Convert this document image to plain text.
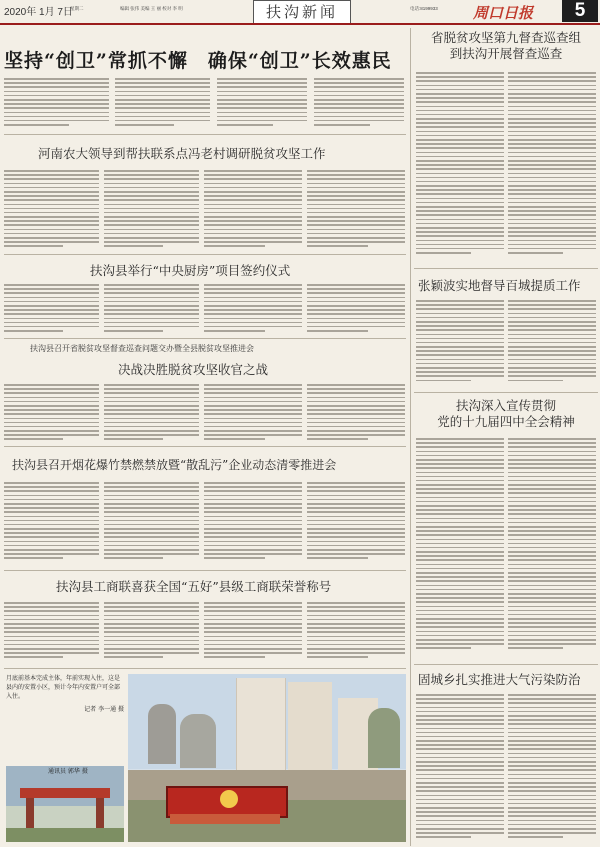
2020年 1月 7日
星期二	编辑 张伟 美编 王 丽 校对 李 明	扶沟新闻	电话:8199933 周口日报	5
坚持“创卫”常抓不懈　确保“创卫”长效惠民
省脱贫攻坚第九督查巡查组
到扶沟开展督查巡查
河南农大领导到帮扶联系点冯老村调研脱贫攻坚工作
扶沟县举行“中央厨房”项目签约仪式
张颖波实地督导百城提质工作
扶沟县召开省脱贫攻坚督查巡查问题交办暨全县脱贫攻坚推进会
决战决胜脱贫攻坚收官之战
扶沟深入宣传贯彻
党的十九届四中全会精神
扶沟县召开烟花爆竹禁燃禁放暨“散乱污”企业动态清零推进会
扶沟县工商联喜获全国“五好”县级工商联荣誉称号
月底前基本完成主体，年前实现入住，这是县内的安置小区，预计今年内安置户可全部入住。
记者 李一通 摄
通讯员 郭华 摄
固城乡扎实推进大气污染防治
